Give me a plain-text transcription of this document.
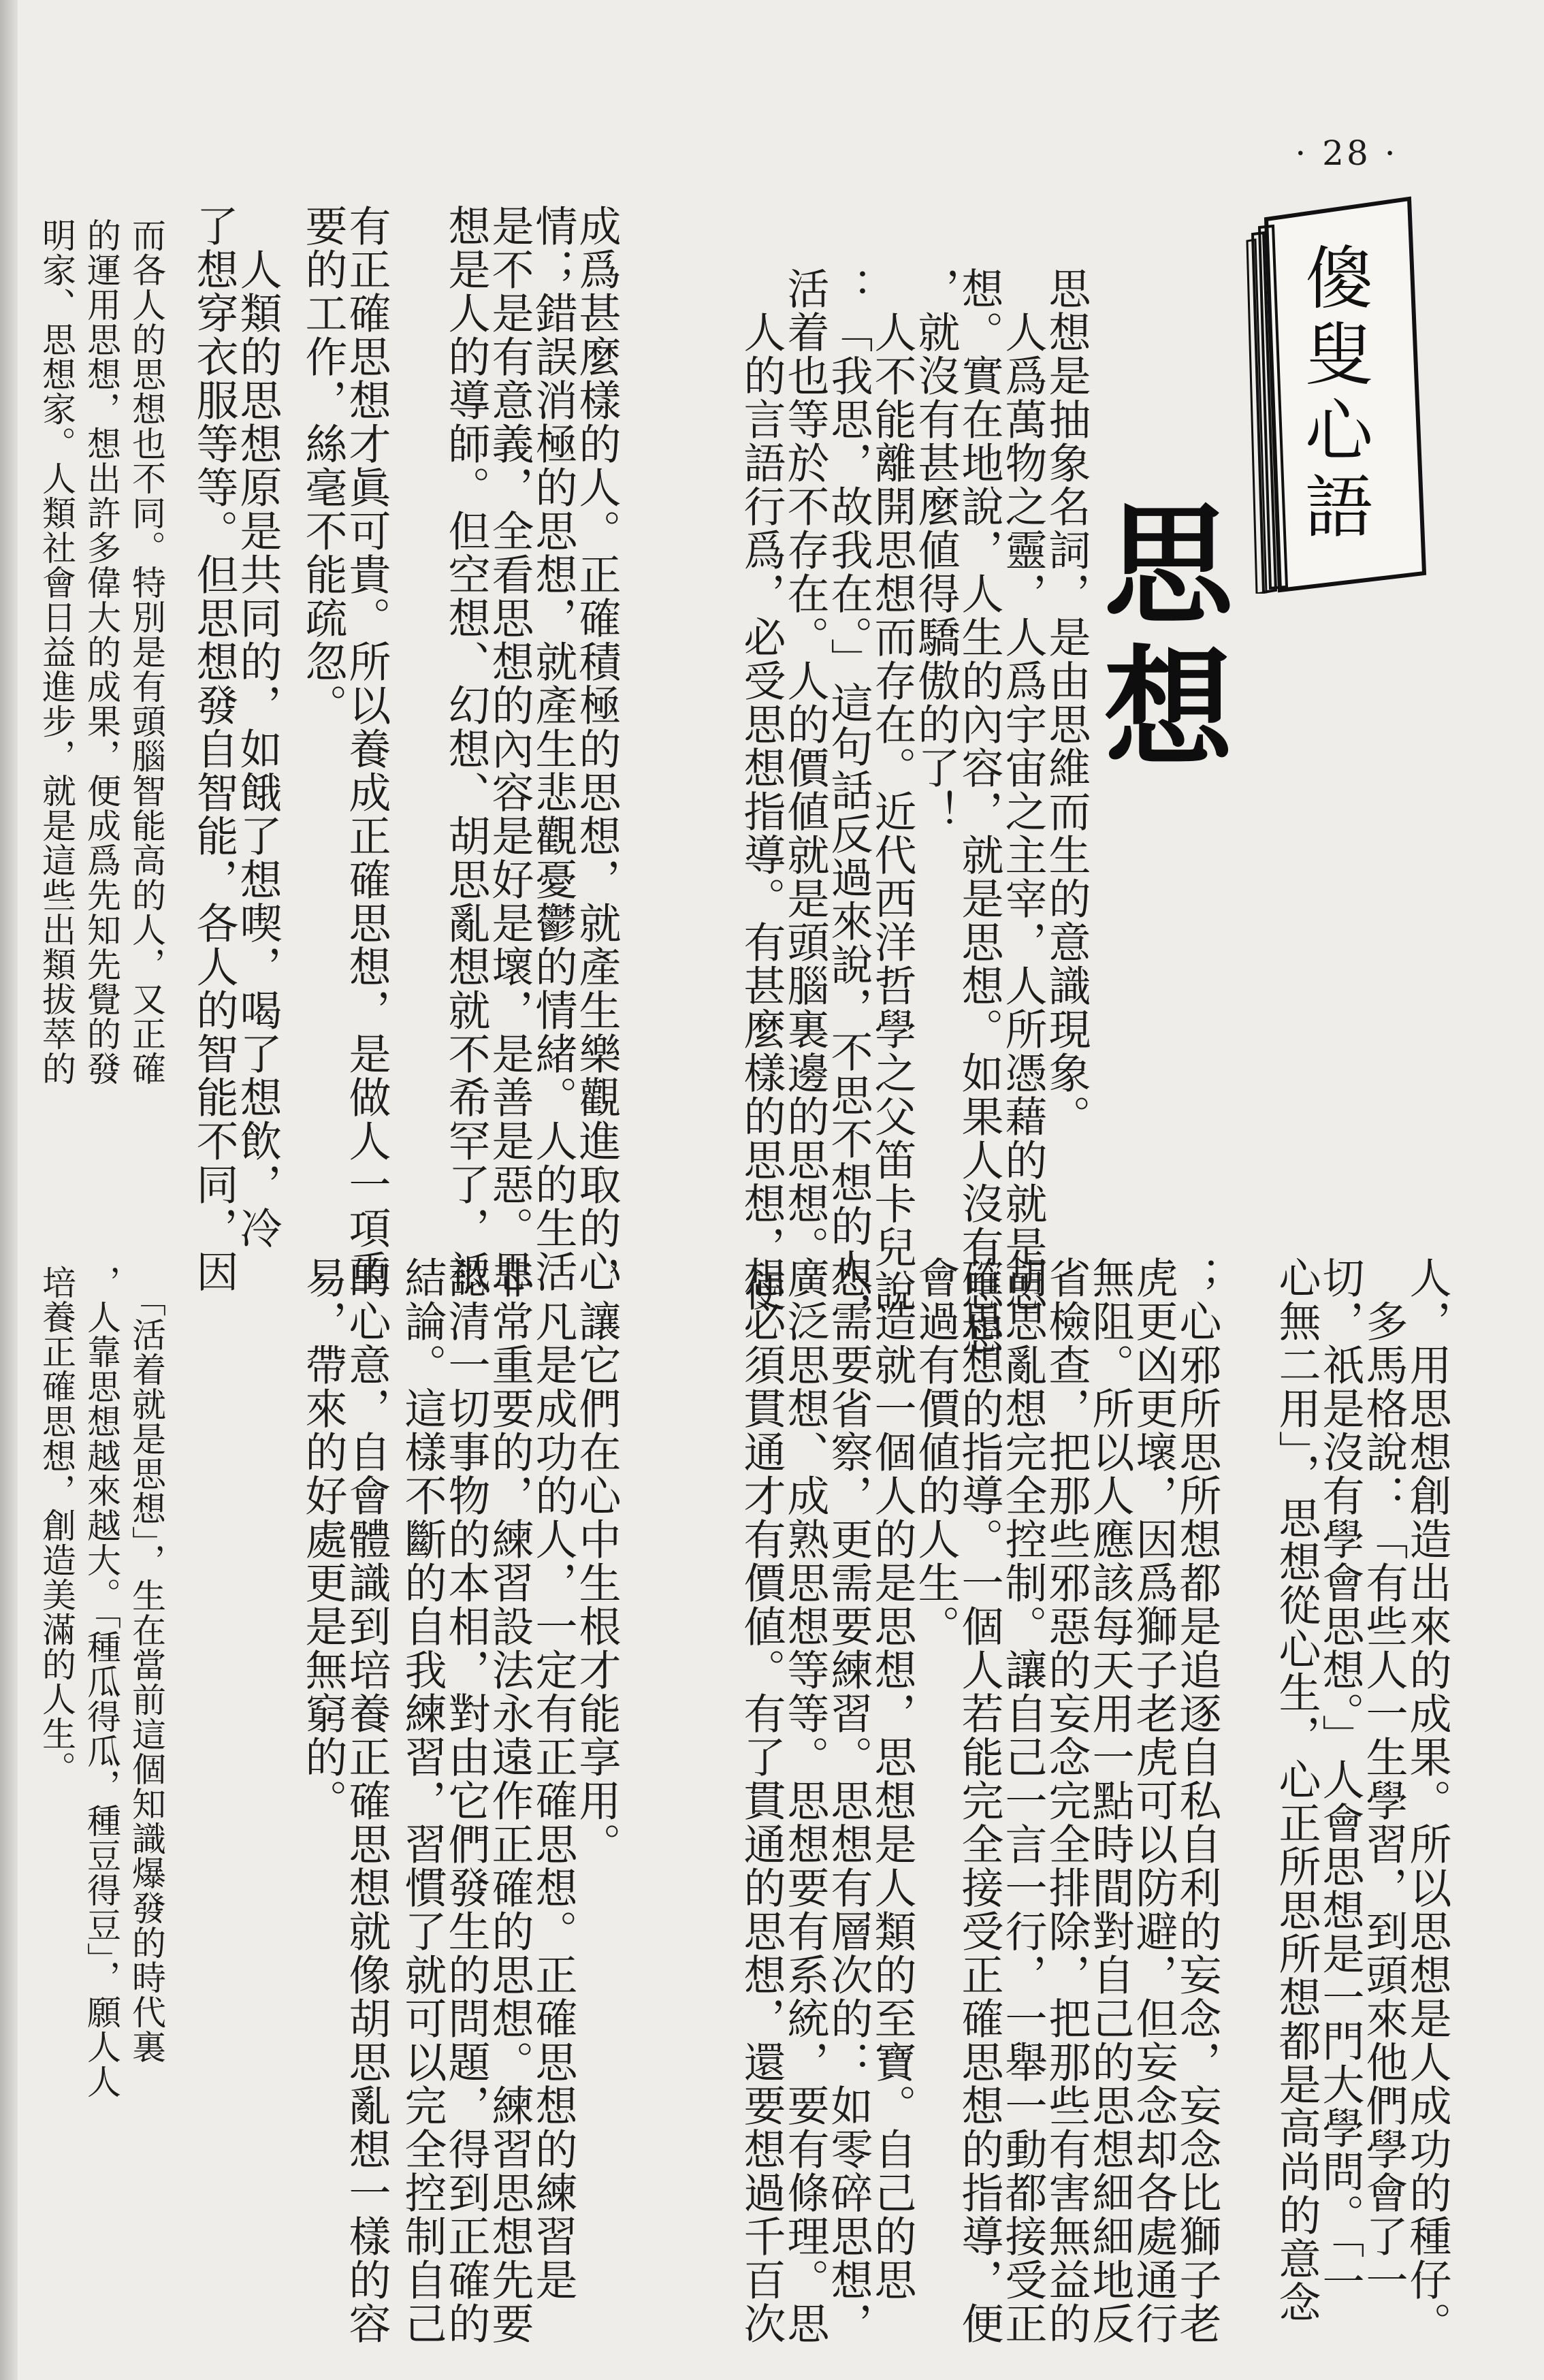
· 28 ·
傻叟心語
思想
思想是抽象名詞，是由思維而生的意識現象。
　人爲萬物之靈，人爲宇宙之主宰，人所憑藉的就是思
想。實在地說，人生的內容，就是思想。如果人沒有思想
，就沒有甚麼値得驕傲的了！
　人不能離開思想而存在。近代西洋哲學之父笛卡兒說
：「我思，故我在。」這句話反過來說，不思不想的人，
活着也等於不存在。人的價値就是頭腦裏邊的思想。
　人的言語行爲，必受思想指導。有甚麼樣的思想，便
成爲甚麼樣的人。正確積極的思想，就產生樂觀進取的心
情；錯誤消極的思想，就產生悲觀憂鬱的情緒。人的生活
是不是有意義，全看思想的內容是好是壞，是善是惡。思
想是人的導師。但空想、幻想、胡思亂想就不希罕了，祇
有正確思想才眞可貴。所以養成正確思想，是做人一項重
要的工作，絲毫不能疏忽。
　人類的思想原是共同的，如餓了想喫，喝了想飲，冷
了想穿衣服等等。但思想發自智能，各人的智能不同，因
而各人的思想也不同。特別是有頭腦智能高的人，又正確
的運用思想，想出許多偉大的成果，便成爲先知先覺的發
明家、思想家。人類社會日益進步，就是這些出類拔萃的
人，用思想創造出來的成果。所以思想是人成功的種仔。
　多馬格說：「有些人一生學習，到頭來他們學會了一
切，祇是沒有學會思想。」人會思想是一門大學問。「一
心無二用」，思想從心生，心正所思所想都是高尚的意念
；心邪所思所想都是追逐自私自利的妄念，妄念比獅子老
虎更凶更壞，因爲獅子老虎可以防避，但妄念却各處通行
無阻。所以人應該每天用一點時間對自己的思想細細地反
省檢查，把那些邪惡的妄念完全排除，把那些有害無益的
胡思亂想完全控制。讓自己一言一行，一舉一動都接受正
確思想的指導。一個人若能完全接受正確思想的指導，便
會過有價値的人生。
　造就一個人的是思想，思想是人類的至寶。自己的思
想需要省察，更需要練習。思想有層次的：如零碎思想，
廣泛思想、成熟思想等等。思想要有系統，要有條理。思
想必須貫通才有價値。有了貫通的思想，還要想過千百次
，讓它們在心中生根才能享用。
　凡是成功的人，一定有正確思想。正確思想的練習是
非常重要的，練習設法永遠作正確的思想。練習思想先要
認清一切事物的本相，對由它們發生的問題，得到正確的
結論。這樣不斷的自我練習，習慣了就可以完全控制自己
的心意，自會體識到培養正確思想就像胡思亂想一樣的容
易，帶來的好處更是無窮的。
　「活着就是思想」，生在當前這個知識爆發的時代裏
，人靠思想越來越大。「種瓜得瓜，種豆得豆」，願人人
培養正確思想，創造美滿的人生。
